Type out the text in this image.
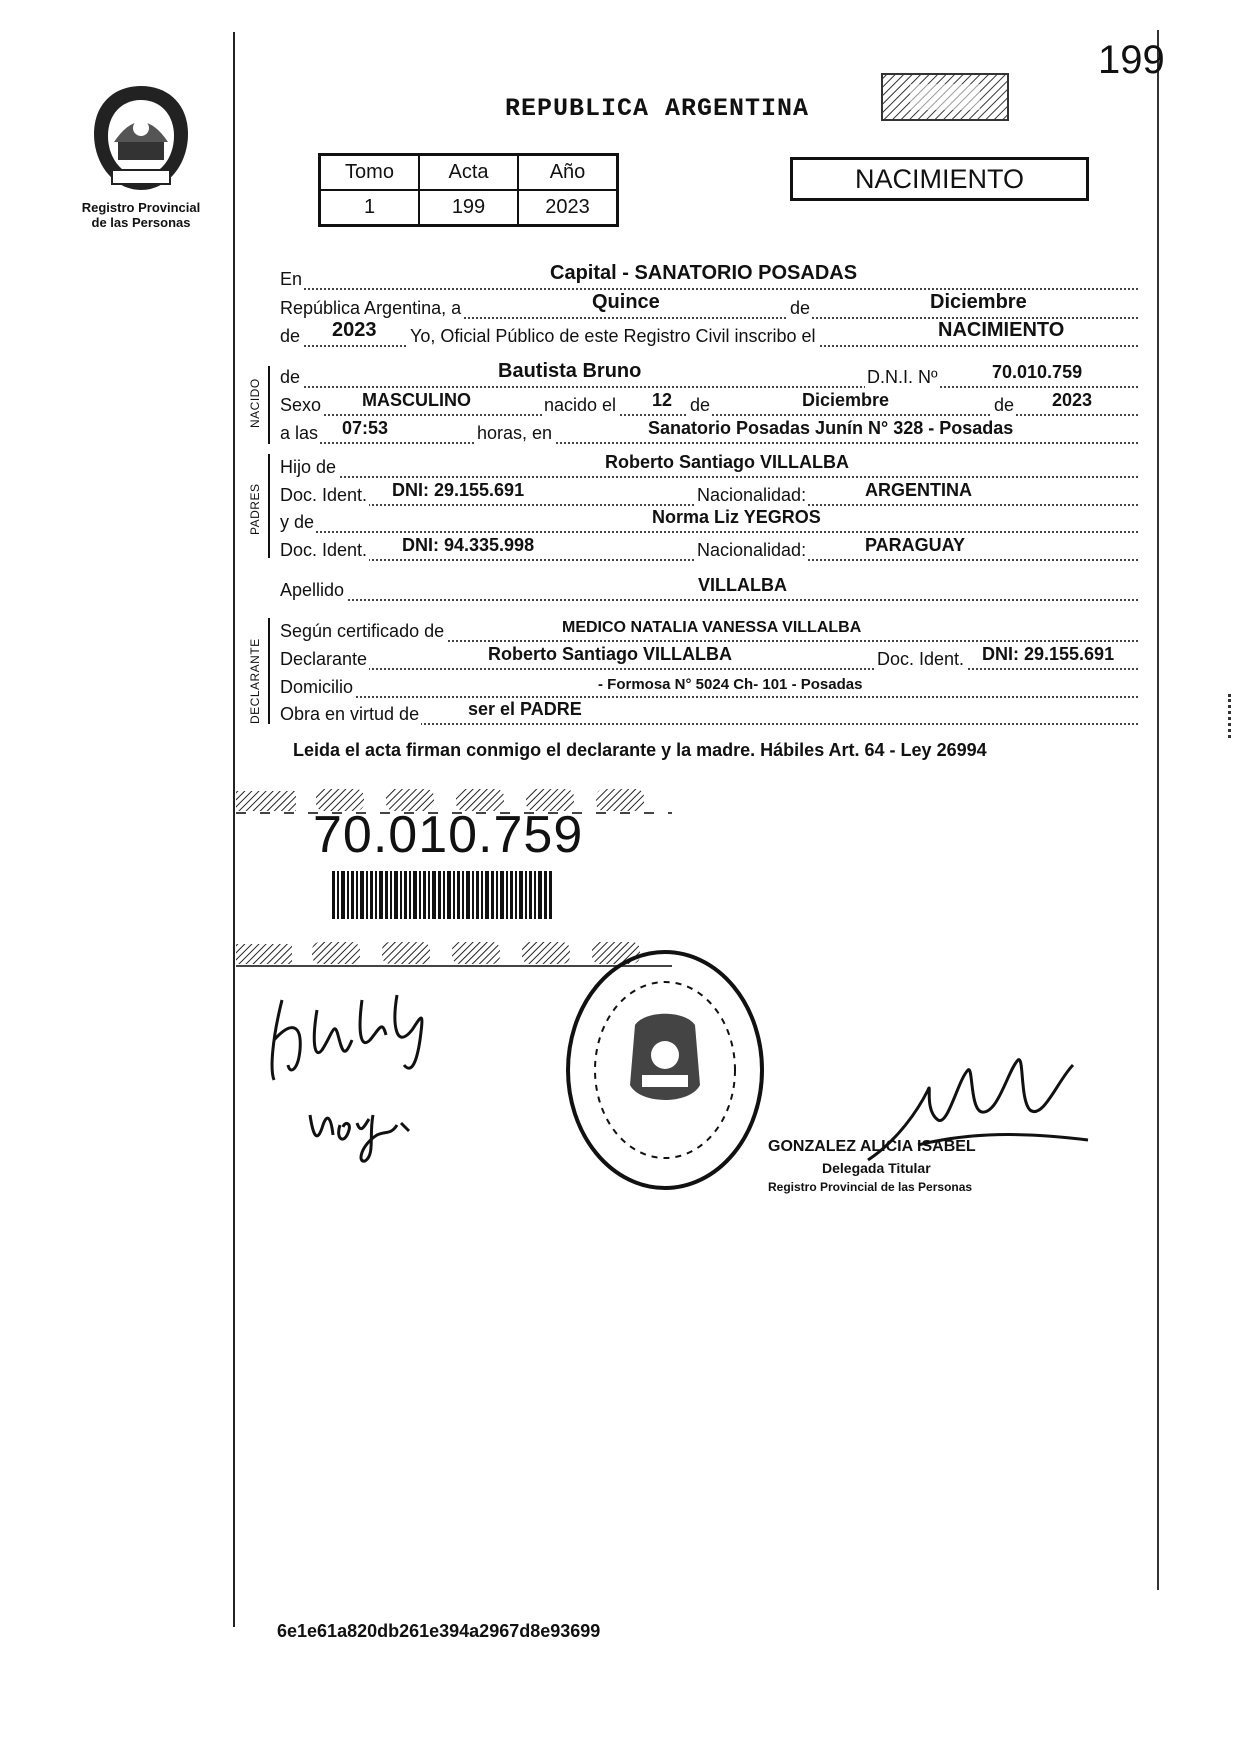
199
Registro Provincial
de las Personas
REPUBLICA ARGENTINA
Tomo	Acta	Año
1	199	2023
NACIMIENTO
En	Capital - SANATORIO POSADAS
República Argentina, a	Quince	de	Diciembre
de 2023 Yo, Oficial Público de este Registro Civil inscribo el	NACIMIENTO
NACIDO
de	Bautista Bruno	D.N.I. Nº	70.010.759
Sexo MASCULINO	nacido el 12 de	Diciembre	de 2023
a las 07:53	horas, en	Sanatorio Posadas Junín N° 328 - Posadas
PADRES
Hijo de	Roberto Santiago VILLALBA
Doc. Ident. DNI: 29.155.691	Nacionalidad:	ARGENTINA
y de	Norma Liz YEGROS
Doc. Ident. DNI: 94.335.998	Nacionalidad:	PARAGUAY
Apellido	VILLALBA
DECLARANTE
Según certificado de	MEDICO NATALIA VANESSA VILLALBA
Declarante	Roberto Santiago VILLALBA	Doc. Ident. DNI: 29.155.691
Domicilio	- Formosa N° 5024 Ch- 101 - Posadas
Obra en virtud de	ser el PADRE
Leida el acta firman conmigo el declarante y la madre. Hábiles Art. 64 - Ley 26994
70.010.759
GONZALEZ ALICIA ISABEL
Delegada Titular
Registro Provincial de las Personas
6e1e61a820db261e394a2967d8e93699
